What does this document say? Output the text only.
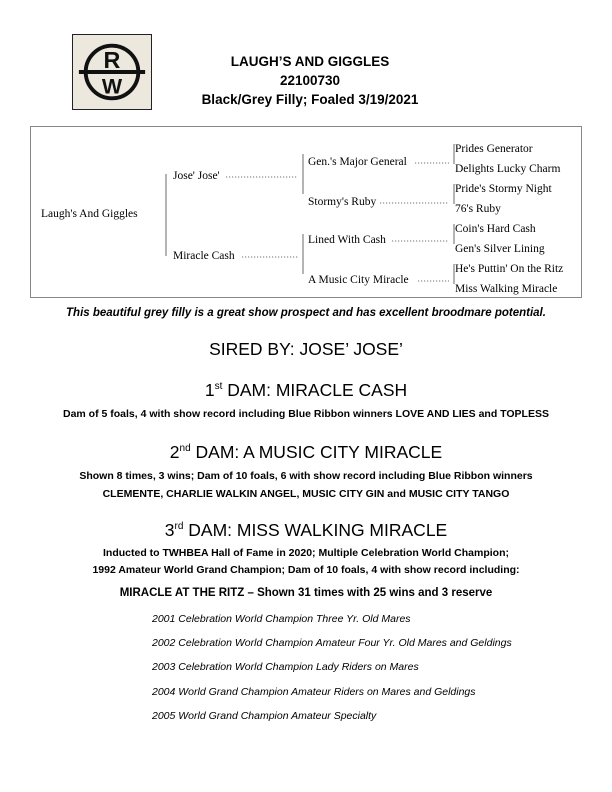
R
W
LAUGH’S AND GIGGLES
22100730
Black/Grey Filly; Foaled 3/19/2021
Laugh's And Giggles
Jose' Jose'
Miracle Cash
Gen.'s Major General
Stormy's Ruby
Lined With Cash
A Music City Miracle
Prides Generator
Delights Lucky Charm
Pride's Stormy Night
76's Ruby
Coin's Hard Cash
Gen's Silver Lining
He's Puttin' On the Ritz
Miss Walking Miracle
This beautiful grey filly is a great show prospect and has excellent broodmare potential.
SIRED BY: JOSE’ JOSE’
1st DAM: MIRACLE CASH
Dam of 5 foals, 4 with show record including Blue Ribbon winners LOVE AND LIES and TOPLESS
2nd DAM: A MUSIC CITY MIRACLE
Shown 8 times, 3 wins; Dam of 10 foals, 6 with show record including Blue Ribbon winners
CLEMENTE, CHARLIE WALKIN ANGEL, MUSIC CITY GIN and MUSIC CITY TANGO
3rd DAM: MISS WALKING MIRACLE
Inducted to TWHBEA Hall of Fame in 2020; Multiple Celebration World Champion;
1992 Amateur World Grand Champion; Dam of 10 foals, 4 with show record including:
MIRACLE AT THE RITZ – Shown 31 times with 25 wins and 3 reserve
2001 Celebration World Champion Three Yr. Old Mares
2002 Celebration World Champion Amateur Four Yr. Old Mares and Geldings
2003 Celebration World Champion Lady Riders on Mares
2004 World Grand Champion Amateur Riders on Mares and Geldings
2005 World Grand Champion Amateur Specialty
